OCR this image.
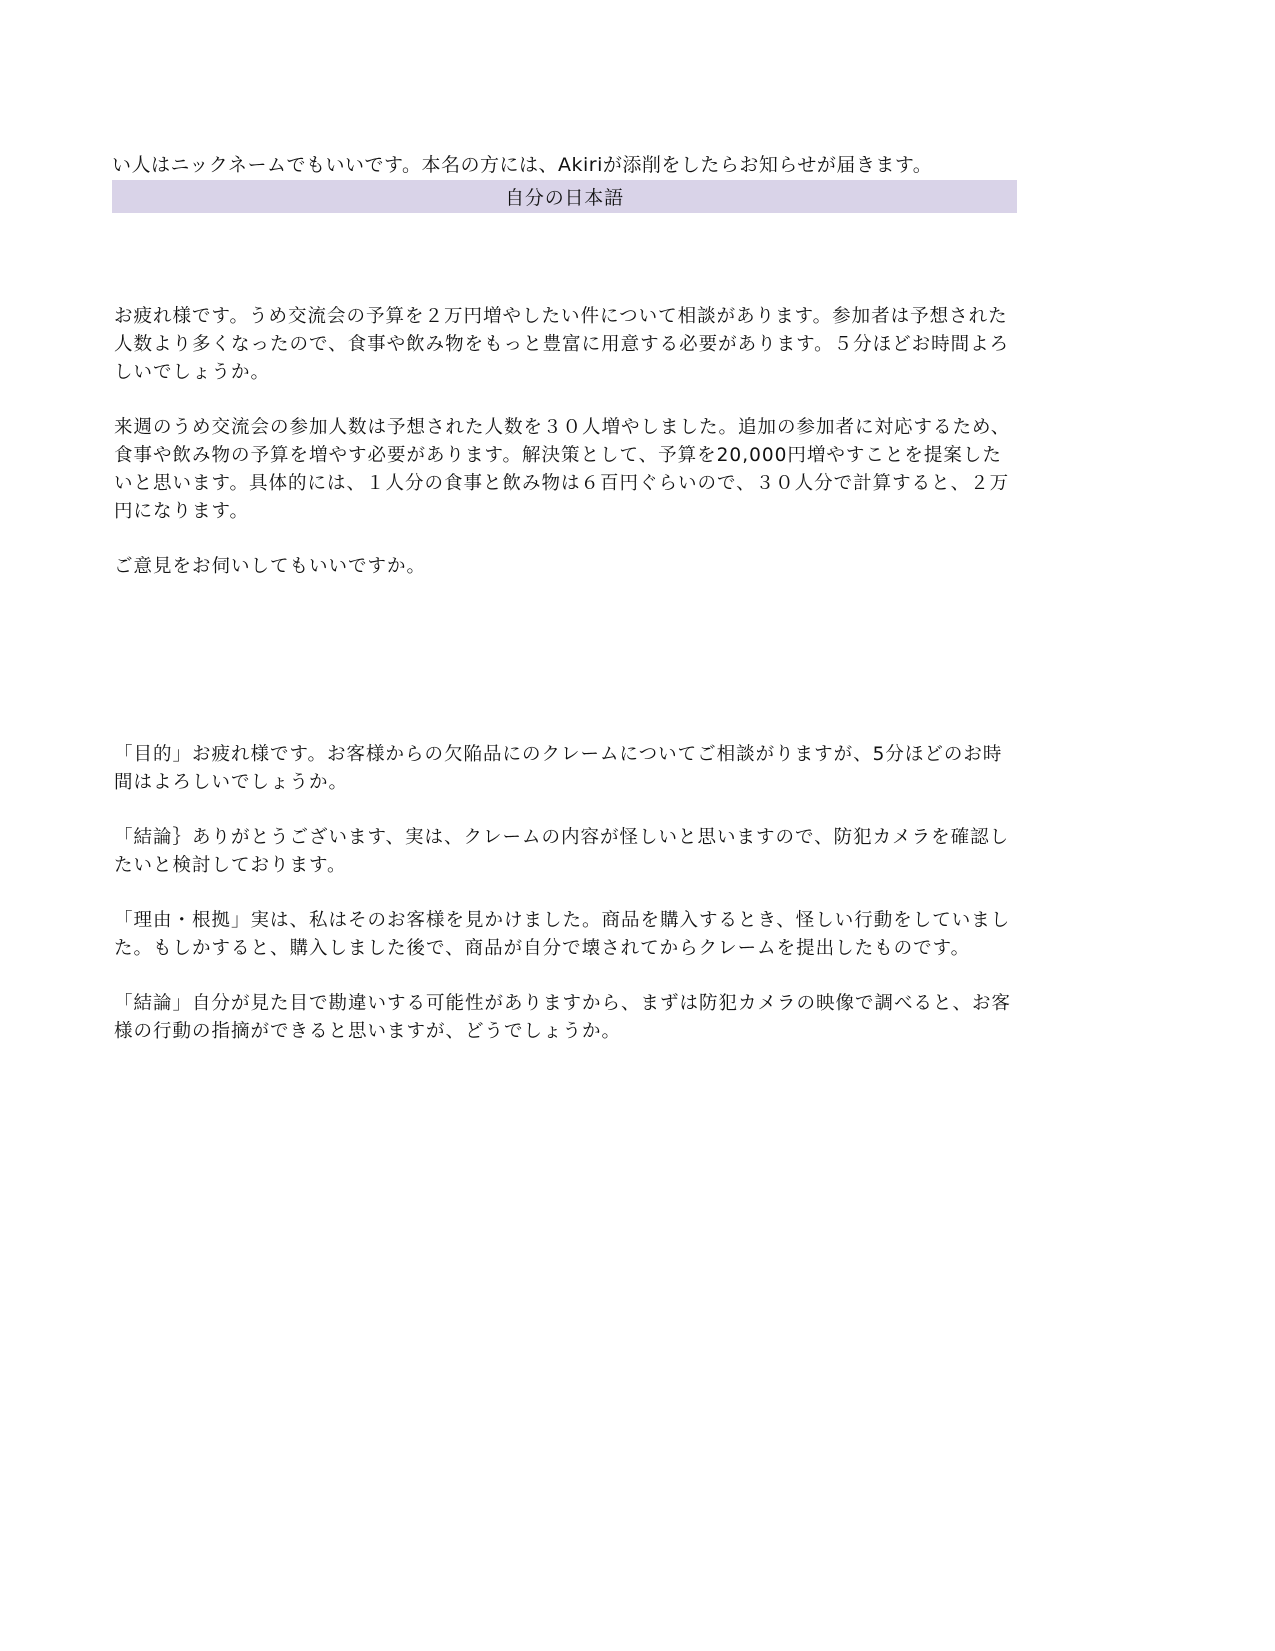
い人はニックネームでもいいです。本名の方には、Akiriが添削をしたらお知らせが届きます。
自分の日本語

お疲れ様です。うめ交流会の予算を２万円増やしたい件について相談があります。参加者は予想された人数より多くなったので、食事や飲み物をもっと豊富に用意する必要があります。５分ほどお時間よろしいでしょうか。

来週のうめ交流会の参加人数は予想された人数を３０人増やしました。追加の参加者に対応するため、食事や飲み物の予算を増やす必要があります。解決策として、予算を20,000円増やすことを提案したいと思います。具体的には、１人分の食事と飲み物は６百円ぐらいので、３０人分で計算すると、２万円になります。

ご意見をお伺いしてもいいですか。

「目的」お疲れ様です。お客様からの欠陥品にのクレームについてご相談がりますが、5分ほどのお時間はよろしいでしょうか。

「結論｝ありがとうございます、実は、クレームの内容が怪しいと思いますので、防犯カメラを確認したいと検討しております。

「理由・根拠」実は、私はそのお客様を見かけました。商品を購入するとき、怪しい行動をしていました。もしかすると、購入しました後で、商品が自分で壊されてからクレームを提出したものです。

「結論」自分が見た目で勘違いする可能性がありますから、まずは防犯カメラの映像で調べると、お客様の行動の指摘ができると思いますが、どうでしょうか。
